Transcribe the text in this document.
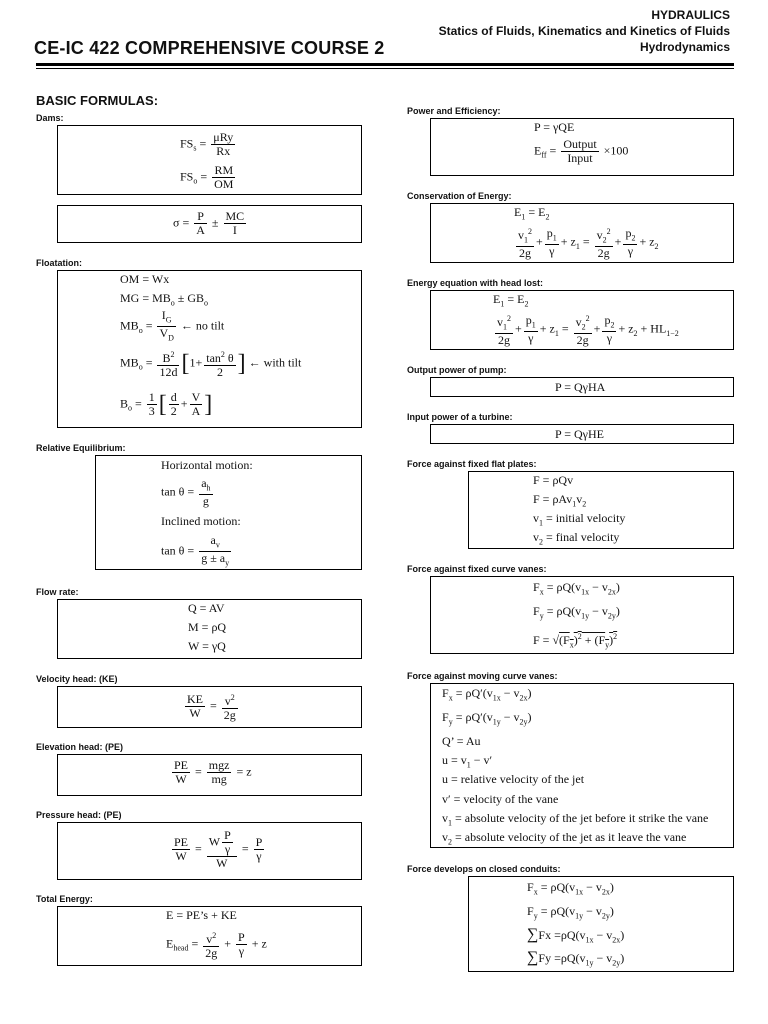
HYDRAULICS
Statics of Fluids, Kinematics and Kinetics of Fluids
Hydrodynamics
CE-IC 422 COMPREHENSIVE COURSE 2
BASIC FORMULAS:
Dams:
$FS_s = \frac{\text{μRy}}{Rx}$
$FS_o = \frac{RM}{OM}$
$\sigma = \frac{P}{A} \pm \frac{MC}{I}$
Floatation:
OM = Wx
MG = $MB_o \pm GB_o$
$MB_o = \frac{I_G}{V_D}$ ← no tilt
$MB_o = \frac{B^2}{12d} [1+ \frac{\tan^2 \theta}{2}$ ] ← with tilt
$B_o = \frac{1}{3}$ [ $\frac{d}{2} + \frac{V}{A}$ ]
Relative Equilibrium:
Horizontal motion:
$\tan \theta = \frac{a_h}{g}$
Inclined motion:
$\tan \theta = \frac{a_v}{g \pm a_y}$
Flow rate:
Q = AV
M = ρQ
W = γQ
Velocity head: (KE)
$\frac{KE}{W} = \frac{v^2}{2g}$
Elevation head: (PE)
$\frac{PE}{W} = \frac{\text{mgz}}{mg} = z$
Pressure head: (PE)
$\frac{PE}{W} = \frac{W \frac{P}{\gamma}}{W} = \frac{P}{\gamma}$
Total Energy:
E = PE’s + KE
$E_{head} = \frac{v^2}{2g} + \frac{P}{\gamma} + z$
Power and Efficiency:
P = γQE
$E_{ff} = \frac{\text{Output}}{\text{Input}} \times 100$
Conservation of Energy:
$E_1 = E_2$
$\frac{v_1^2}{2g} + \frac{p_1}{\gamma} + z_1 = \frac{v_2^2}{2g} + \frac{p_2}{\gamma} + z_2$
Energy equation with head lost:
$E_1 = E_2$
$\frac{v_1^2}{2g} + \frac{p_1}{\gamma} + z_1 = \frac{v_2^2}{2g} + \frac{p_2}{\gamma} + z_2 + HL_{1-2}$
Output power of pump:
P = QγHA
Input power of a turbine:
P = QγHE
Force against fixed flat plates:
F = ρQv
$F = \rho Av_1v_2$
$v_1$ = initial velocity
$v_2$ = final velocity
Force against fixed curve vanes:
$F_x = \rho Q(v_{1x} - v_{2x})$
$F_y = \rho Q(v_{1y} - v_{2y})$
$F = √(F_x)^2 + (F_y)^2$
Force against moving curve vanes:
$F_x = \rho Q'(v_{1x} - v_{2x})$
$F_y = \rho Q'(v_{1y} - v_{2y})$
Q’ = Au
$u = v_1 - v'$
u = relative velocity of the jet
v′ = velocity of the vane
$v_1$ = absolute velocity of the jet before it strike the vane
$v_2$ = absolute velocity of the jet as it leave the vane
Force develops on closed conduits:
$F_x = \rho Q(v_{1x} - v_{2x})$
$F_y = \rho Q(v_{1y} - v_{2y})$
$\sum Fx =\rho Q(v_{1x} - v_{2x})$
$\sum Fy =\rho Q(v_{1y} - v_{2y})$
